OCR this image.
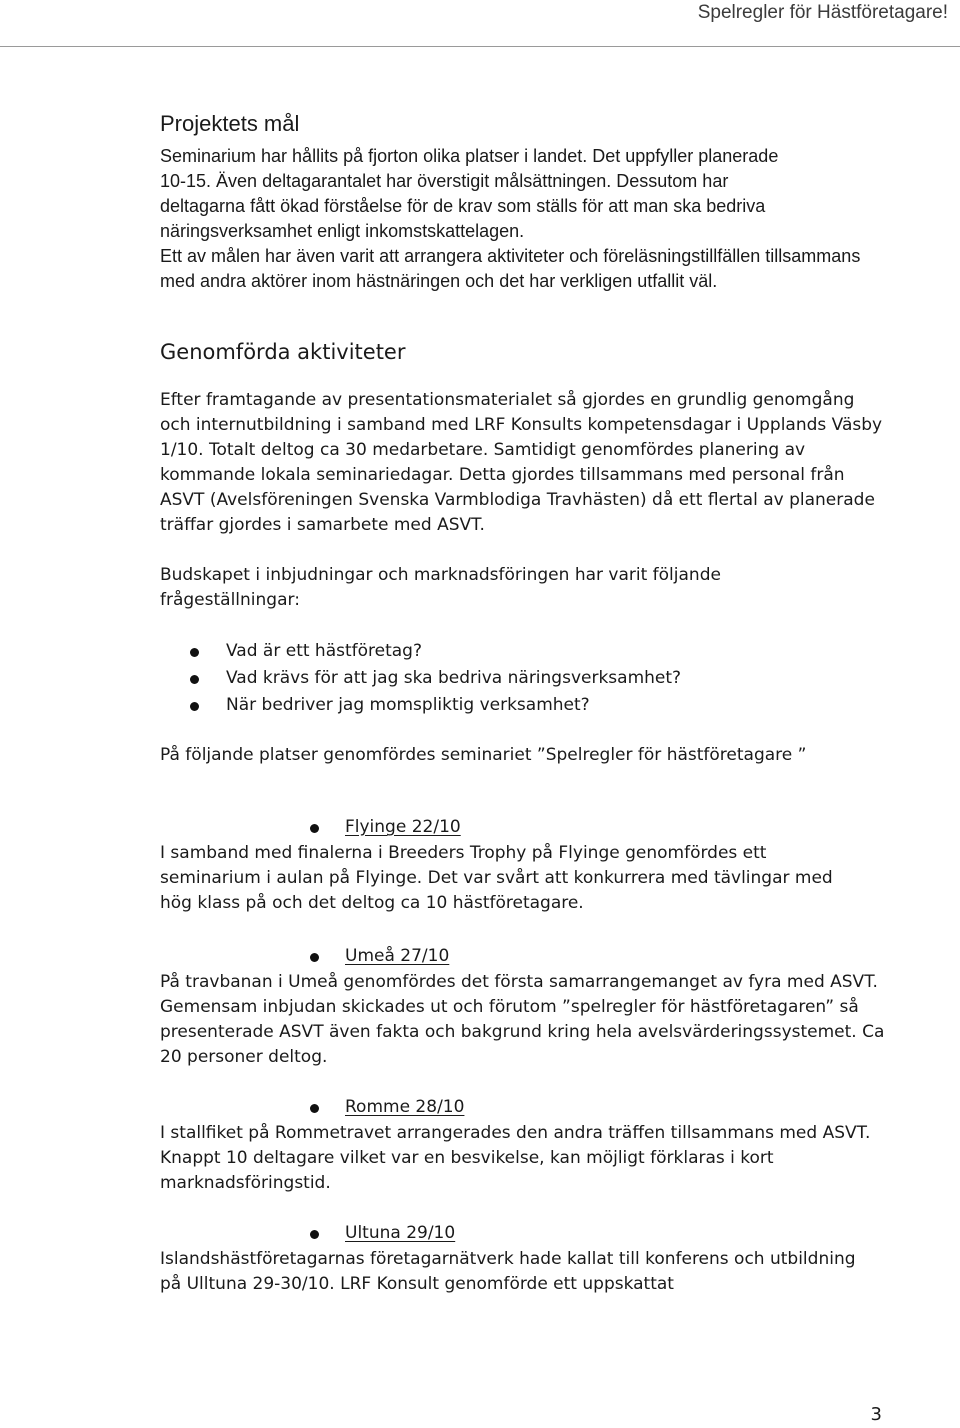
Spelregler för Hästföretagare!
Projektets mål

Seminarium har hållits på fjorton olika platser i landet. Det uppfyller planerade 10-15. Även deltagarantalet har överstigit målsättningen. Dessutom har deltagarna fått ökad förståelse för de krav som ställs för att man ska bedriva näringsverksamhet enligt inkomstskattelagen.

Ett av målen har även varit att arrangera aktiviteter och föreläsningstillfällen tillsammans med andra aktörer inom hästnäringen och det har verkligen utfallit väl.

Genomförda aktiviteter

Efter framtagande av presentationsmaterialet så gjordes en grundlig genomgång och internutbildning i samband med LRF Konsults kompetensdagar i Upplands Väsby 1/10. Totalt deltog ca 30 medarbetare. Samtidigt genomfördes planering av kommande lokala seminariedagar. Detta gjordes tillsammans med personal från ASVT (Avelsföreningen Svenska Varmblodiga Travhästen) då ett flertal av planerade träffar gjordes i samarbete med ASVT.

Budskapet i inbjudningar och marknadsföringen har varit följande frågeställningar:

Vad är ett hästföretag?
Vad krävs för att jag ska bedriva näringsverksamhet?
När bedriver jag momspliktig verksamhet?

På följande platser genomfördes seminariet ”Spelregler för hästföretagare ”

Flyinge 22/10

I samband med finalerna i Breeders Trophy på Flyinge genomfördes ett seminarium i aulan på Flyinge. Det var svårt att konkurrera med tävlingar med hög klass på och det deltog ca 10 hästföretagare.

Umeå 27/10

På travbanan i Umeå genomfördes det första samarrangemanget av fyra med ASVT. Gemensam inbjudan skickades ut och förutom ”spelregler för hästföretagaren” så presenterade ASVT även fakta och bakgrund kring hela avelsvärderingssystemet. Ca 20 personer deltog.

Romme 28/10

I stallfiket på Rommetravet arrangerades den andra träffen tillsammans med ASVT. Knappt 10 deltagare vilket var en besvikelse, kan möjligt förklaras i kort marknadsföringstid.

Ultuna 29/10

Islandshästföretagarnas företagarnätverk hade kallat till konferens och utbildning på Ulltuna 29-30/10. LRF Konsult genomförde ett uppskattat

3
